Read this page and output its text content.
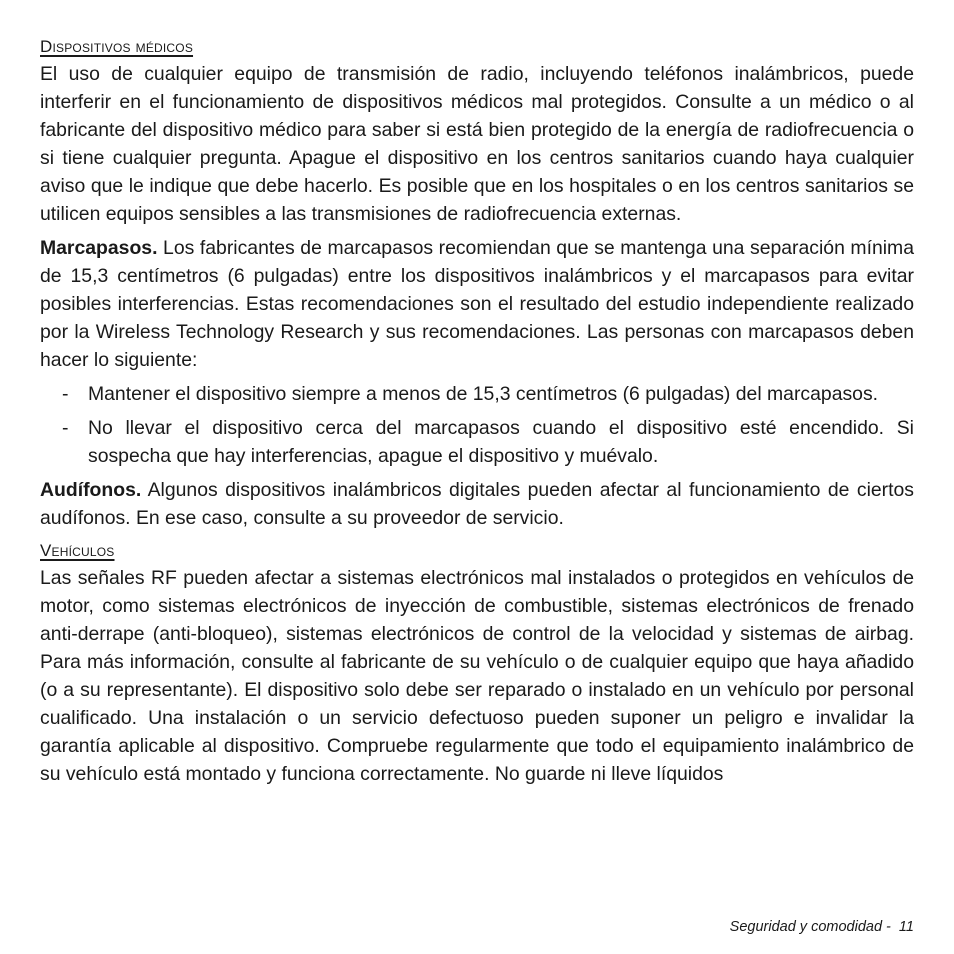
Dispositivos médicos

El uso de cualquier equipo de transmisión de radio, incluyendo teléfonos inalámbricos, puede interferir en el funcionamiento de dispositivos médicos mal protegidos. Consulte a un médico o al fabricante del dispositivo médico para saber si está bien protegido de la energía de radiofrecuencia o si tiene cualquier pregunta. Apague el dispositivo en los centros sanitarios cuando haya cualquier aviso que le indique que debe hacerlo. Es posible que en los hospitales o en los centros sanitarios se utilicen equipos sensibles a las transmisiones de radiofrecuencia externas.

Marcapasos. Los fabricantes de marcapasos recomiendan que se mantenga una separación mínima de 15,3 centímetros (6 pulgadas) entre los dispositivos inalámbricos y el marcapasos para evitar posibles interferencias. Estas recomendaciones son el resultado del estudio independiente realizado por la Wireless Technology Research y sus recomendaciones. Las personas con marcapasos deben hacer lo siguiente:

- Mantener el dispositivo siempre a menos de 15,3 centímetros (6 pulgadas) del marcapasos.
- No llevar el dispositivo cerca del marcapasos cuando el dispositivo esté encendido. Si sospecha que hay interferencias, apague el dispositivo y muévalo.

Audífonos. Algunos dispositivos inalámbricos digitales pueden afectar al funcionamiento de ciertos audífonos. En ese caso, consulte a su proveedor de servicio.

Vehículos

Las señales RF pueden afectar a sistemas electrónicos mal instalados o protegidos en vehículos de motor, como sistemas electrónicos de inyección de combustible, sistemas electrónicos de frenado anti-derrape (anti-bloqueo), sistemas electrónicos de control de la velocidad y sistemas de airbag. Para más información, consulte al fabricante de su vehículo o de cualquier equipo que haya añadido (o a su representante). El dispositivo solo debe ser reparado o instalado en un vehículo por personal cualificado. Una instalación o un servicio defectuoso pueden suponer un peligro e invalidar la garantía aplicable al dispositivo. Compruebe regularmente que todo el equipamiento inalámbrico de su vehículo está montado y funciona correctamente. No guarde ni lleve líquidos

Seguridad y comodidad -  11
